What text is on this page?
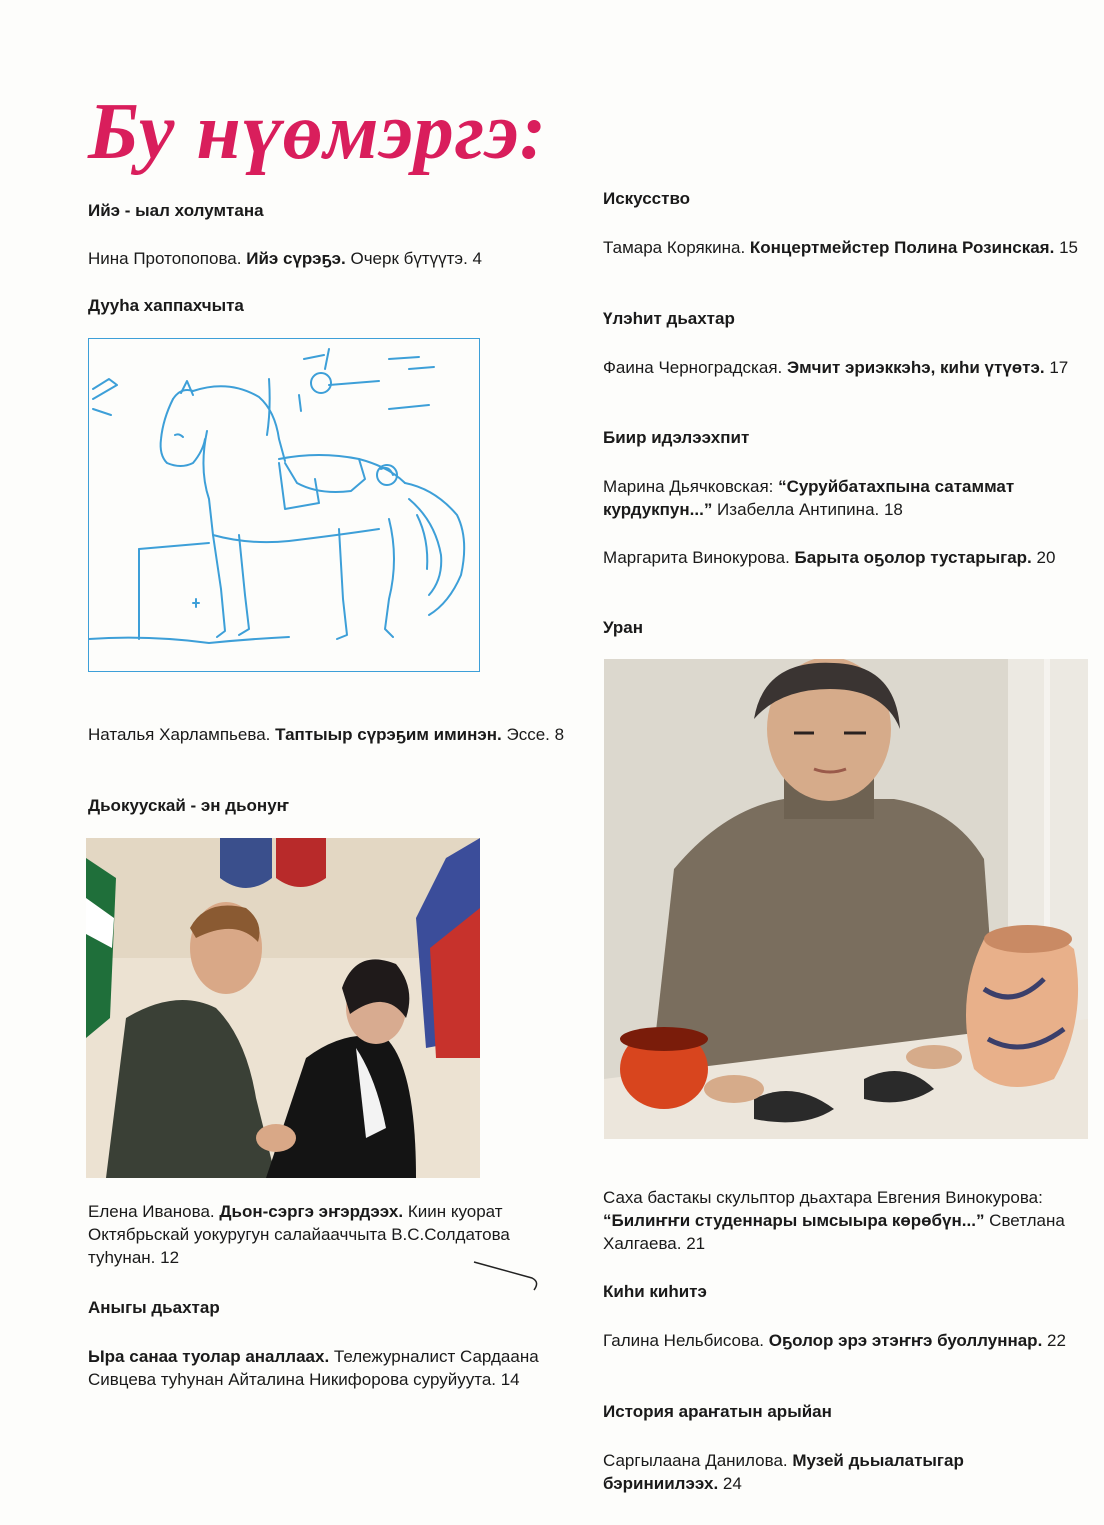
Бу нүөмэргэ:
Ийэ - ыал холумтана
Нина Протопопова. Ийэ сүрэҕэ. Очерк бүтүүтэ. 4
Дууһа хаппахчыта
Наталья Харлампьева. Таптыыр сүрэҕим иминэн. Эссе. 8
Дьокуускай - эн дьонуҥ
Елена Иванова. Дьон-сэргэ эҥэрдээх. Киин куорат Октябрьскай уокуругун салайааччыта В.С.Солдатова туһунан. 12
Аныгы дьахтар
Ыра санаа туолар аналлаах. Тележурналист Сардаана Сивцева туһунан Айталина Никифорова суруйуута. 14
Искусство
Тамара Корякина. Концертмейстер Полина Розинская. 15
Үлэһит дьахтар
Фаина Черноградская. Эмчит эриэккэһэ, киһи үтүөтэ. 17
Биир идэлээхпит
Марина Дьячковская: “Суруйбатахпына сатаммат курдукпун...” Изабелла Антипина. 18
Маргарита Винокурова. Барыта оҕолор тустарыгар. 20
Уран
Саха бастакы скульптор дьахтара Евгения Винокурова: “Билиҥҥи студеннары ымсыыра көрөбүн...” Светлана Халгаева. 21
Киһи киһитэ
Галина Нельбисова. Оҕолор эрэ этэҥҥэ буоллуннар. 22
История араҥатын арыйан
Саргылаана Данилова. Музей дьыалатыгар бэриниилээх. 24
